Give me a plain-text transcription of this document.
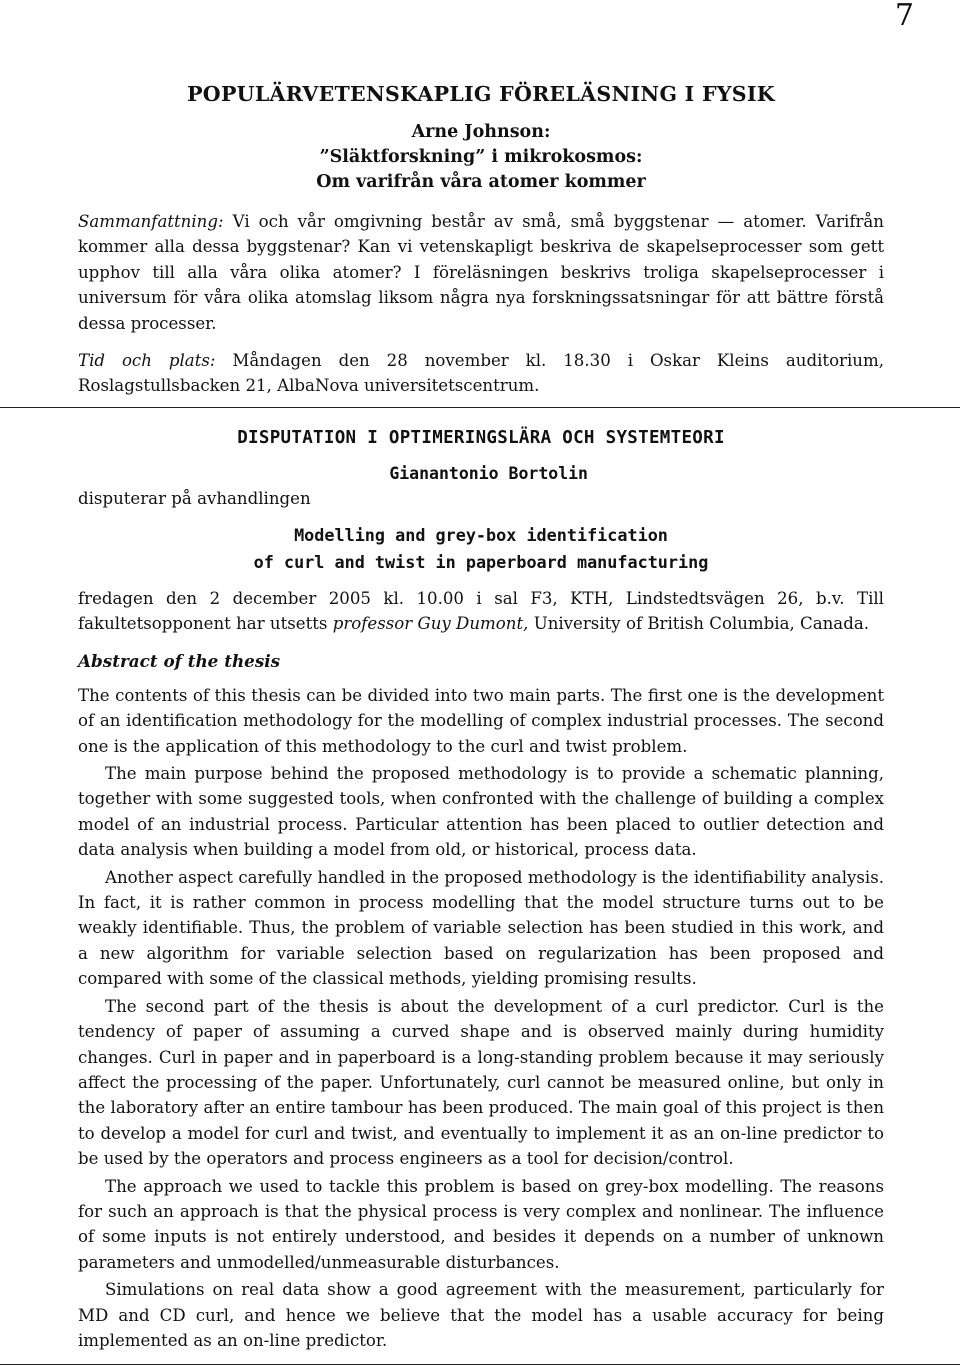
7

POPULÄRVETENSKAPLIG FÖRELÄSNING I FYSIK

Arne Johnson:

”Släktforskning” i mikrokosmos:

Om varifrån våra atomer kommer

Sammanfattning: Vi och vår omgivning består av små, små byggstenar — atomer. Varifrån kommer alla dessa byggstenar? Kan vi vetenskapligt beskriva de skapelseprocesser som gett upphov till alla våra olika atomer? I föreläsningen beskrivs troliga skapelseprocesser i universum för våra olika atomslag liksom några nya forskningssatsningar för att bättre förstå dessa processer.

Tid och plats: Måndagen den 28 november kl. 18.30 i Oskar Kleins auditorium, Roslagstullsbacken 21, AlbaNova universitetscentrum.

DISPUTATION I OPTIMERINGSLÄRA OCH SYSTEMTEORI

Gianantonio Bortolin
disputerar på avhandlingen
Modelling and grey-box identification
of curl and twist in paperboard manufacturing

fredagen den 2 december 2005 kl. 10.00 i sal F3, KTH, Lindstedtsvägen 26, b.v. Till fakultetsopponent har utsetts professor Guy Dumont, University of British Columbia, Canada.

Abstract of the thesis

The contents of this thesis can be divided into two main parts. The first one is the development of an identification methodology for the modelling of complex industrial processes. The second one is the application of this methodology to the curl and twist problem.

The main purpose behind the proposed methodology is to provide a schematic planning, together with some suggested tools, when confronted with the challenge of building a complex model of an industrial process. Particular attention has been placed to outlier detection and data analysis when building a model from old, or historical, process data.

Another aspect carefully handled in the proposed methodology is the identifiability analysis. In fact, it is rather common in process modelling that the model structure turns out to be weakly identifiable. Thus, the problem of variable selection has been studied in this work, and a new algorithm for variable selection based on regularization has been proposed and compared with some of the classical methods, yielding promising results.

The second part of the thesis is about the development of a curl predictor. Curl is the tendency of paper of assuming a curved shape and is observed mainly during humidity changes. Curl in paper and in paperboard is a long-standing problem because it may seriously affect the processing of the paper. Unfortunately, curl cannot be measured online, but only in the laboratory after an entire tambour has been produced. The main goal of this project is then to develop a model for curl and twist, and eventually to implement it as an on-line predictor to be used by the operators and process engineers as a tool for decision/control.

The approach we used to tackle this problem is based on grey-box modelling. The reasons for such an approach is that the physical process is very complex and nonlinear. The influence of some inputs is not entirely understood, and besides it depends on a number of unknown parameters and unmodelled/unmeasurable disturbances.

Simulations on real data show a good agreement with the measurement, particularly for MD and CD curl, and hence we believe that the model has a usable accuracy for being implemented as an on-line predictor.
